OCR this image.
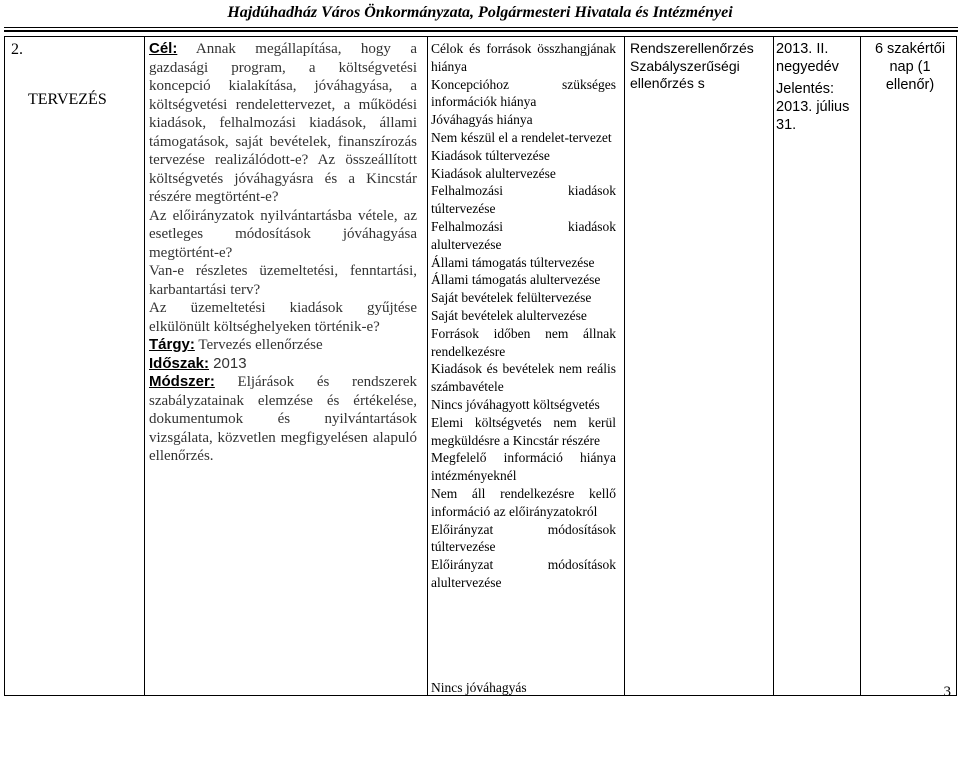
Hajdúhadház Város Önkormányzata, Polgármesteri Hivatala és Intézményei
2.
TERVEZÉS

Cél: Annak megállapítása, hogy a gazdasági program, a költségvetési koncepció kialakítása, jóváhagyása, a költségvetési rendelettervezet, a működési kiadások, felhalmozási kiadások, állami támogatások, saját bevételek, finanszírozás tervezése realizálódott-e? Az összeállított költségvetés jóváhagyásra és a Kincstár részére megtörtént-e?

Az előirányzatok nyilvántartásba vétele, az esetleges módosítások jóváhagyása megtörtént-e?

Van-e részletes üzemeltetési, fenntartási, karbantartási terv?

Az üzemeltetési kiadások gyűjtése elkülönült költséghelyeken történik-e?

Tárgy: Tervezés ellenőrzése

Időszak: 2013

Módszer: Eljárások és rendszerek szabályzatainak elemzése és értékelése, dokumentumok és nyilvántartások vizsgálata, közvetlen megfigyelésen alapuló ellenőrzés.

Célok és források összhangjának hiánya
Koncepcióhoz szükséges információk hiánya
Jóváhagyás hiánya
Nem készül el a rendelet-tervezet
Kiadások túltervezése
Kiadások alultervezése
Felhalmozási kiadások túltervezése
Felhalmozási kiadások alultervezése
Állami támogatás túltervezése
Állami támogatás alultervezése
Saját bevételek felültervezése
Saját bevételek alultervezése
Források időben nem állnak rendelkezésre
Kiadások és bevételek nem reális számbavétele
Nincs jóváhagyott költségvetés
Elemi költségvetés nem kerül megküldésre a Kincstár részére
Megfelelő információ hiánya intézményeknél
Nem áll rendelkezésre kellő információ az előirányzatokról
Előirányzat módosítások túltervezése
Előirányzat módosítások alultervezése
Nincs jóváhagyás
Rendszerellenőrzés Szabályszerűségi ellenőrzés s
2013. II. negyedév
Jelentés:
2013. július 31.
6 szakértői nap (1 ellenőr)
3
